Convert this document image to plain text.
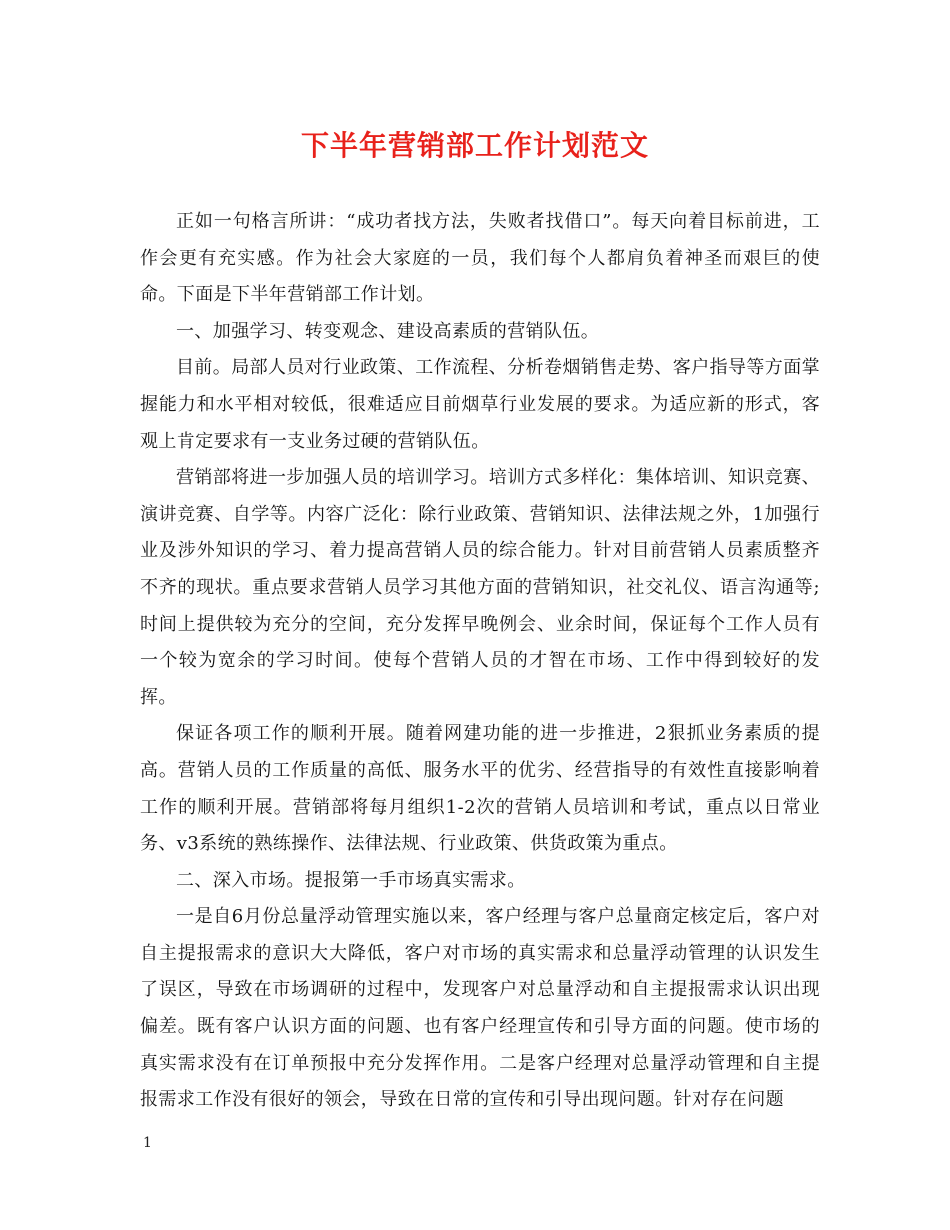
下半年营销部工作计划范文

正如一句格言所讲：“成功者找方法，失败者找借口”。每天向着目标前进，工作会更有充实感。作为社会大家庭的一员，我们每个人都肩负着神圣而艰巨的使命。下面是下半年营销部工作计划。

一、加强学习、转变观念、建设高素质的营销队伍。

目前。局部人员对行业政策、工作流程、分析卷烟销售走势、客户指导等方面掌握能力和水平相对较低，很难适应目前烟草行业发展的要求。为适应新的形式，客观上肯定要求有一支业务过硬的营销队伍。

营销部将进一步加强人员的培训学习。培训方式多样化：集体培训、知识竞赛、演讲竞赛、自学等。内容广泛化：除行业政策、营销知识、法律法规之外，1加强行业及涉外知识的学习、着力提高营销人员的综合能力。针对目前营销人员素质整齐不齐的现状。重点要求营销人员学习其他方面的营销知识，社交礼仪、语言沟通等;时间上提供较为充分的空间，充分发挥早晚例会、业余时间，保证每个工作人员有一个较为宽余的学习时间。使每个营销人员的才智在市场、工作中得到较好的发挥。

保证各项工作的顺利开展。随着网建功能的进一步推进，2狠抓业务素质的提高。营销人员的工作质量的高低、服务水平的优劣、经营指导的有效性直接影响着工作的顺利开展。营销部将每月组织1-2次的营销人员培训和考试，重点以日常业务、v3系统的熟练操作、法律法规、行业政策、供货政策为重点。

二、深入市场。提报第一手市场真实需求。

一是自6月份总量浮动管理实施以来，客户经理与客户总量商定核定后，客户对自主提报需求的意识大大降低，客户对市场的真实需求和总量浮动管理的认识发生了误区，导致在市场调研的过程中，发现客户对总量浮动和自主提报需求认识出现偏差。既有客户认识方面的问题、也有客户经理宣传和引导方面的问题。使市场的真实需求没有在订单预报中充分发挥作用。二是客户经理对总量浮动管理和自主提报需求工作没有很好的领会，导致在日常的宣传和引导出现问题。针对存在问题

1
